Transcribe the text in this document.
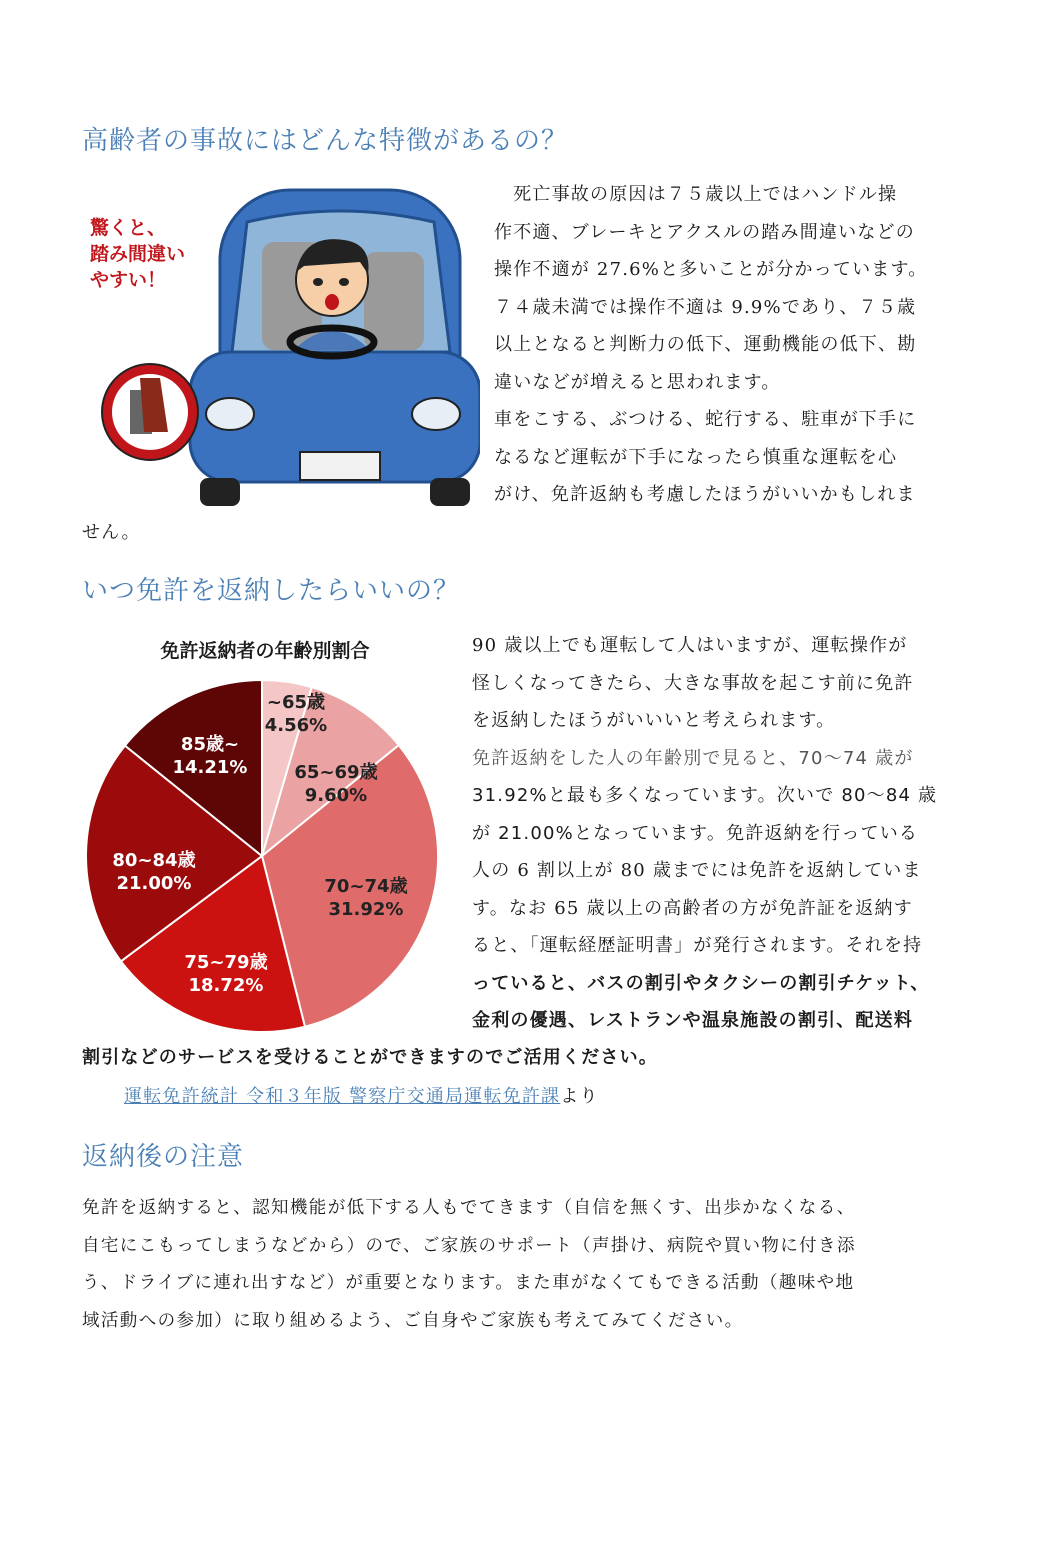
高齢者の事故にはどんな特徴があるの？
驚くと、
踏み間違い
やすい！
　死亡事故の原因は７５歳以上ではハンドル操
作不適、ブレーキとアクスルの踏み間違いなどの
操作不適が 27.6%と多いことが分かっています。
７４歳未満では操作不適は 9.9%であり、７５歳
以上となると判断力の低下、運動機能の低下、勘
違いなどが増えると思われます。
車をこする、ぶつける、蛇行する、駐車が下手に
なるなど運転が下手になったら慎重な運転を心
がけ、免許返納も考慮したほうがいいかもしれま
せん。
いつ免許を返納したらいいの？
免許返納者の年齢別割合
~65歳
4.56%
65~69歳
9.60%
70~74歳
31.92%
75~79歳
18.72%
80~84歳
21.00%
85歳~
14.21%
90 歳以上でも運転して人はいますが、運転操作が
怪しくなってきたら、大きな事故を起こす前に免許
を返納したほうがいいいと考えられます。
免許返納をした人の年齢別で見ると、70〜74 歳が
31.92%と最も多くなっています。次いで 80〜84 歳
が 21.00%となっています。免許返納を行っている
人の 6 割以上が 80 歳までには免許を返納していま
す。なお 65 歳以上の高齢者の方が免許証を返納す
ると、「運転経歴証明書」が発行されます。それを持
っていると、バスの割引やタクシーの割引チケット、
金利の優遇、レストランや温泉施設の割引、配送料
割引などのサービスを受けることができますのでご活用ください。
運転免許統計 令和３年版 警察庁交通局運転免許課より
返納後の注意
免許を返納すると、認知機能が低下する人もでてきます（自信を無くす、出歩かなくなる、
自宅にこもってしまうなどから）ので、ご家族のサポート（声掛け、病院や買い物に付き添
う、ドライブに連れ出すなど）が重要となります。また車がなくてもできる活動（趣味や地
域活動への参加）に取り組めるよう、ご自身やご家族も考えてみてください。
